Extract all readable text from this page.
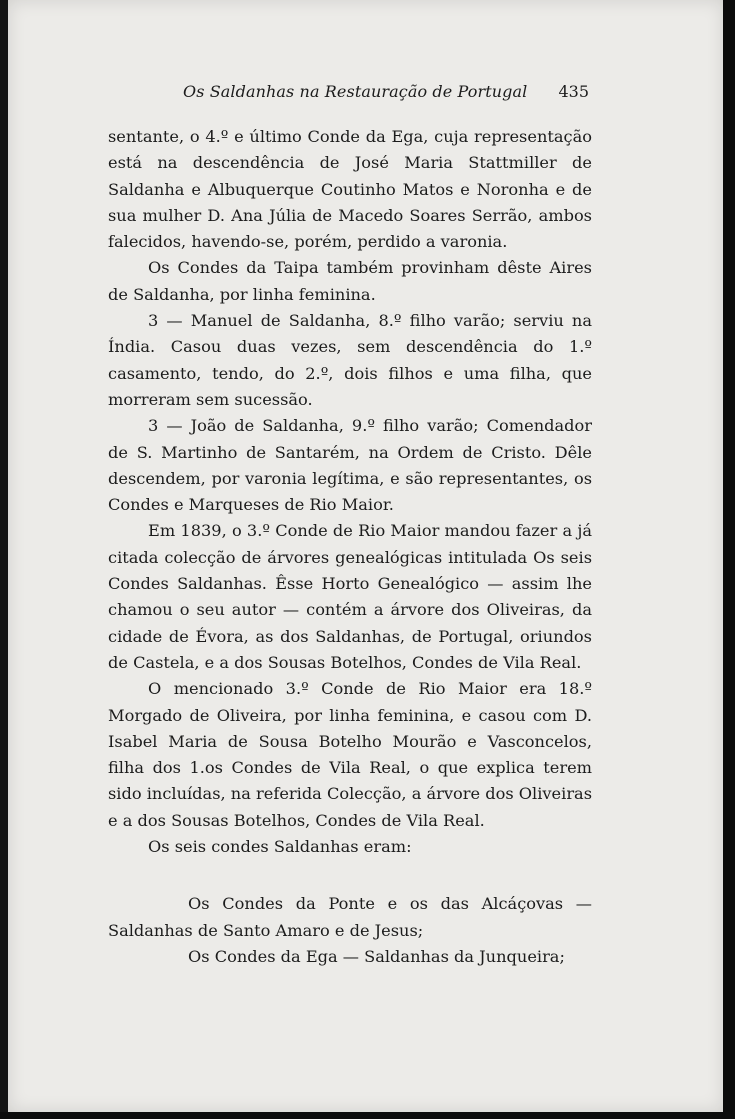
Os Saldanhas na Restauração de Portugal 435

sentante, o 4.º e último Conde da Ega, cuja representação está na descendência de José Maria Stattmiller de Saldanha e Albuquerque Coutinho Matos e Noronha e de sua mulher D. Ana Júlia de Macedo Soares Serrão, ambos falecidos, havendo-se, porém, perdido a varonia.

Os Condes da Taipa também provinham dêste Aires de Saldanha, por linha feminina.

3 — Manuel de Saldanha, 8.º filho varão; serviu na Índia. Casou duas vezes, sem descendência do 1.º casamento, tendo, do 2.º, dois filhos e uma filha, que morreram sem sucessão.

3 — João de Saldanha, 9.º filho varão; Comendador de S. Martinho de Santarém, na Ordem de Cristo. Dêle descendem, por varonia legítima, e são representantes, os Condes e Marqueses de Rio Maior.

Em 1839, o 3.º Conde de Rio Maior mandou fazer a já citada colecção de árvores genealógicas intitulada Os seis Condes Saldanhas. Êsse Horto Genealógico — assim lhe chamou o seu autor — contém a árvore dos Oliveiras, da cidade de Évora, as dos Saldanhas, de Portugal, oriundos de Castela, e a dos Sousas Botelhos, Condes de Vila Real.

O mencionado 3.º Conde de Rio Maior era 18.º Morgado de Oliveira, por linha feminina, e casou com D. Isabel Maria de Sousa Botelho Mourão e Vasconcelos, filha dos 1.os Condes de Vila Real, o que explica terem sido incluídas, na referida Colecção, a árvore dos Oliveiras e a dos Sousas Botelhos, Condes de Vila Real.

Os seis condes Saldanhas eram:

Os Condes da Ponte e os das Alcáçovas — Saldanhas de Santo Amaro e de Jesus;

Os Condes da Ega — Saldanhas da Junqueira;
